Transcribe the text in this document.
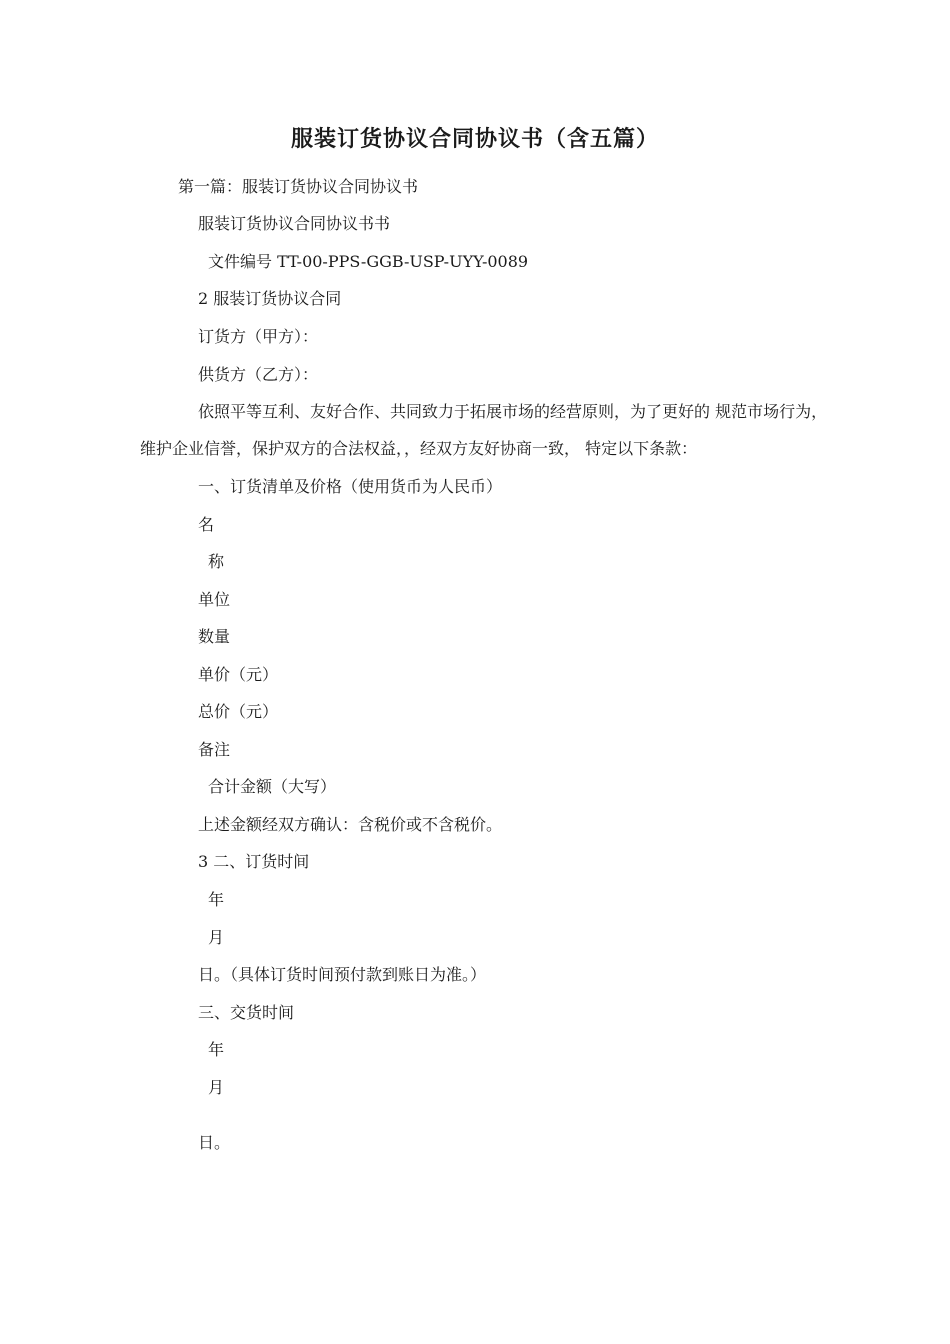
服装订货协议合同协议书（含五篇）
第一篇：服装订货协议合同协议书
服装订货协议合同协议书书
文件编号 TT-00-PPS-GGB-USP-UYY-0089
2 服装订货协议合同
订货方（甲方）：
供货方（乙方）：
依照平等互利、友好合作、共同致力于拓展市场的经营原则，为了更好的 规范市场行为，维护企业信誉，保护双方的合法权益，，经双方友好协商一致， 特定以下条款：
一、订货清单及价格（使用货币为人民币）
名
称
单位
数量
单价（元）
总价（元）
备注
合计金额（大写）
上述金额经双方确认：含税价或不含税价。
3 二、订货时间
年
月
日。（具体订货时间预付款到账日为准。）
三、交货时间
年
月
日。
